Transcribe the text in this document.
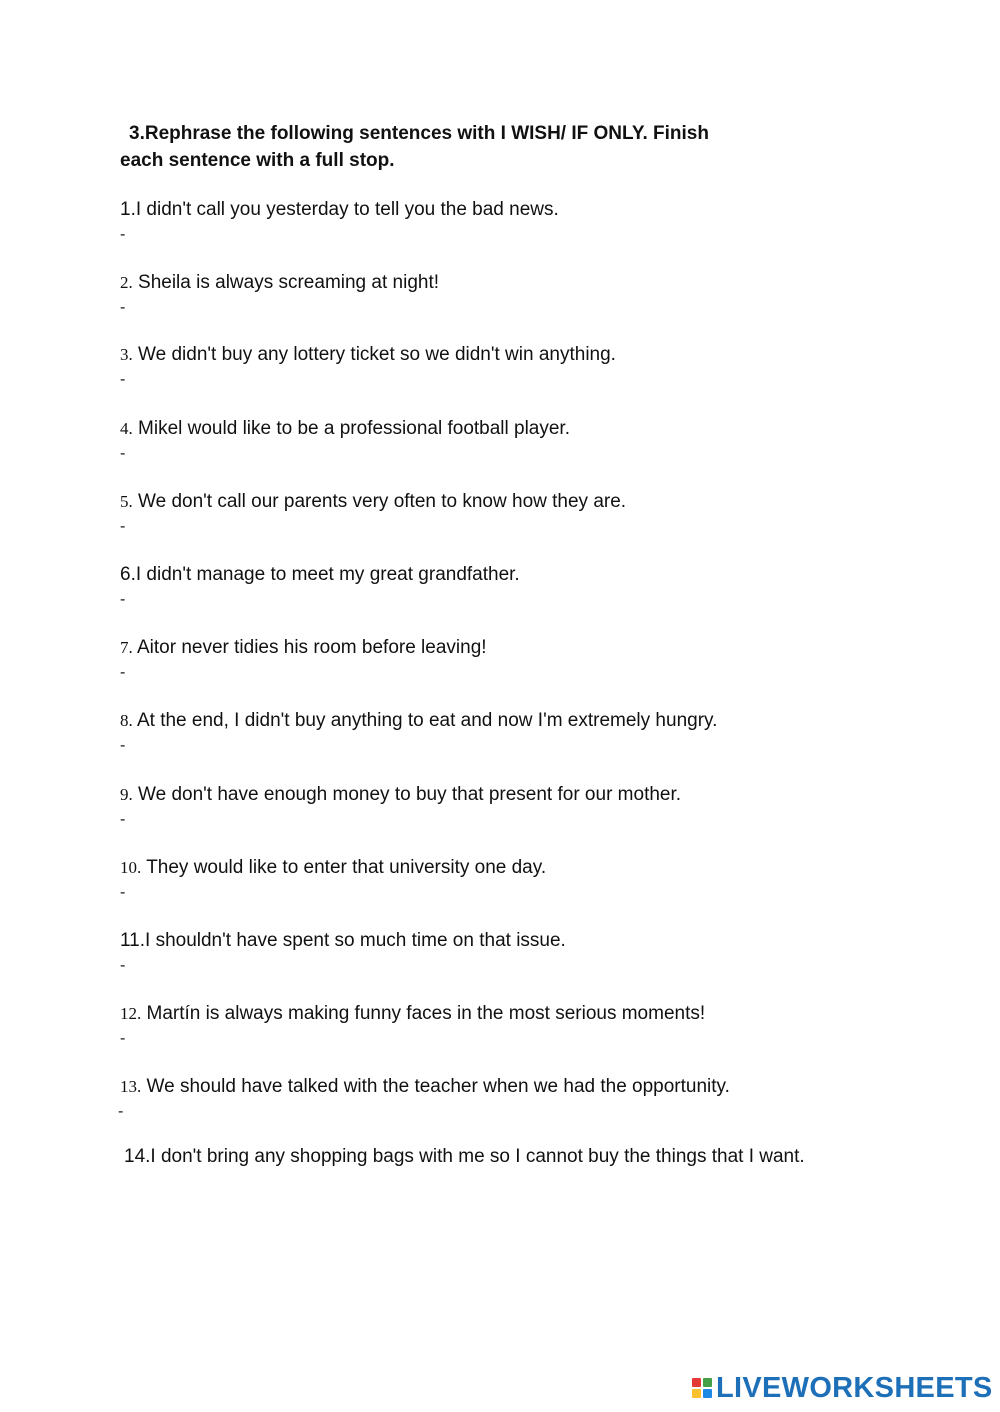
3.Rephrase the following sentences with I WISH/ IF ONLY. Finish
each sentence with a full stop.
1.I didn't call you yesterday to tell you the bad news.
-
2. Sheila is always screaming at night!
-
3. We didn't buy any lottery ticket so we didn't win anything.
-
4. Mikel would like to be a professional football player.
-
5. We don't call our parents very often to know how they are.
-
6.I didn't manage to meet my great grandfather.
-
7. Aitor never tidies his room before leaving!
-
8. At the end, I didn't buy anything to eat and now I'm extremely hungry.
-
9. We don't have enough money to buy that present for our mother.
-
10. They would like to enter that university one day.
-
11.I shouldn't have spent so much time on that issue.
-
12. Martín is always making funny faces in the most serious moments!
-
13. We should have talked with the teacher when we had the opportunity.
-
14.I don't bring any shopping bags with me so I cannot buy the things that I want.
LIVEWORKSHEETS
